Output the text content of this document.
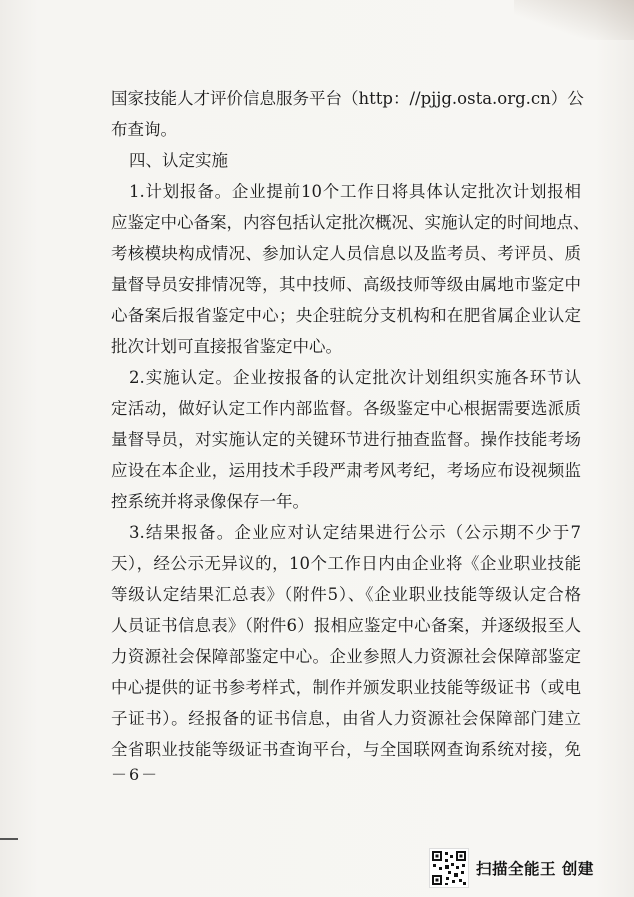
国家技能人才评价信息服务平台（http：//pjjg.osta.org.cn）公
布查询。
四、认定实施
1.计划报备。企业提前10个工作日将具体认定批次计划报相
应鉴定中心备案，内容包括认定批次概况、实施认定的时间地点、
考核模块构成情况、参加认定人员信息以及监考员、考评员、质
量督导员安排情况等，其中技师、高级技师等级由属地市鉴定中
心备案后报省鉴定中心；央企驻皖分支机构和在肥省属企业认定
批次计划可直接报省鉴定中心。
2.实施认定。企业按报备的认定批次计划组织实施各环节认
定活动，做好认定工作内部监督。各级鉴定中心根据需要选派质
量督导员，对实施认定的关键环节进行抽查监督。操作技能考场
应设在本企业，运用技术手段严肃考风考纪，考场应布设视频监
控系统并将录像保存一年。
3.结果报备。企业应对认定结果进行公示（公示期不少于7
天），经公示无异议的，10个工作日内由企业将《企业职业技能
等级认定结果汇总表》（附件5）、《企业职业技能等级认定合格
人员证书信息表》（附件6）报相应鉴定中心备案，并逐级报至人
力资源社会保障部鉴定中心。企业参照人力资源社会保障部鉴定
中心提供的证书参考样式，制作并颁发职业技能等级证书（或电
子证书）。经报备的证书信息，由省人力资源社会保障部门建立
全省职业技能等级证书查询平台，与全国联网查询系统对接，免
－6－
扫描全能王 创建
